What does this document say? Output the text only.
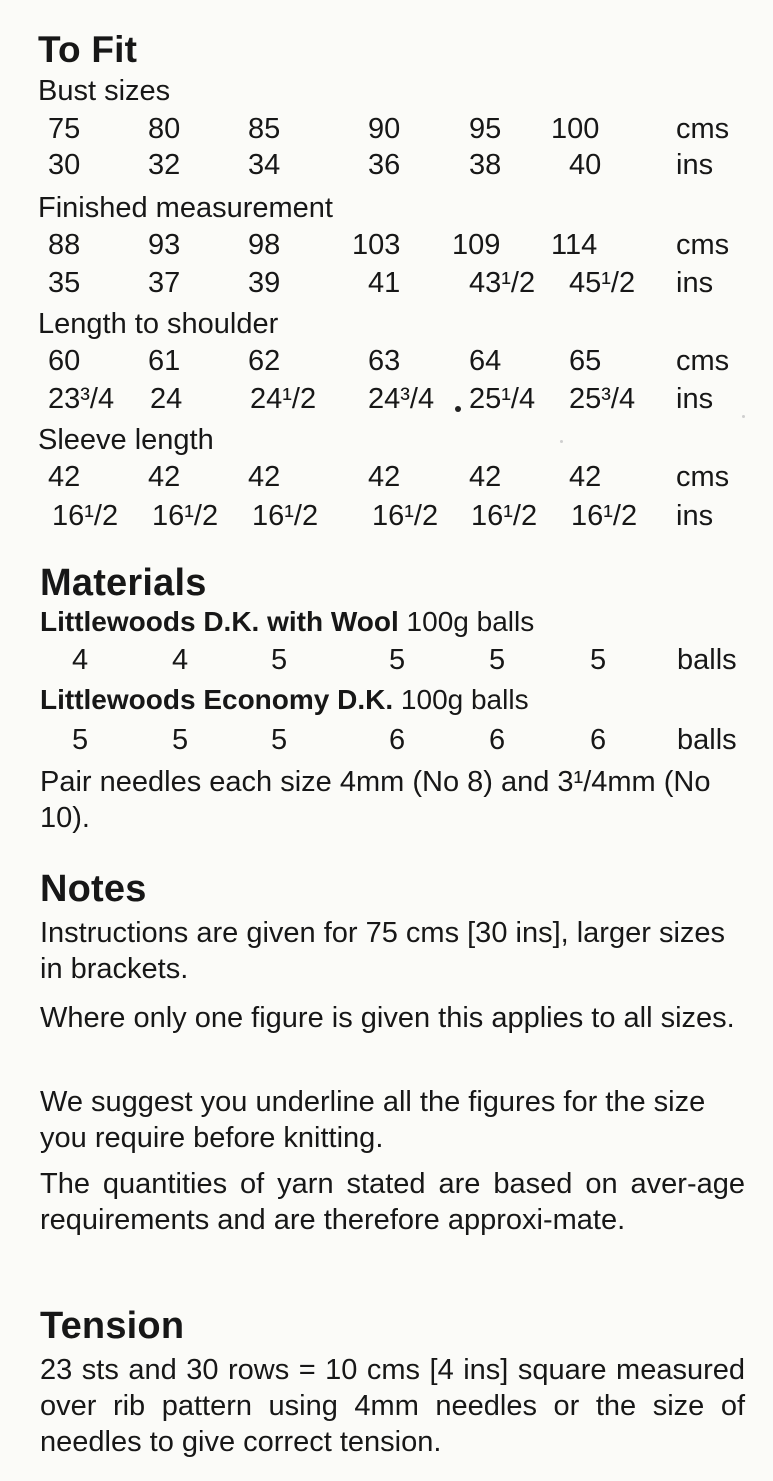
To Fit
Bust sizes
75 80 85	90 95 100	cms
30 32 34	36 38 40	ins
Finished measurement
88 93 98 103 109 114	cms
35 37 39	41 43¹/2 45¹/2 ins
Length to shoulder
60 61 62	63 64 65	cms
23³/4 24 24¹/2 24³/4 25¹/4 25³/4 ins
Sleeve length
42 42 42	42 42 42	cms
16¹/2 16¹/2 16¹/2 16¹/2 16¹/2 16¹/2 ins
Materials
Littlewoods D.K. with Wool 100g balls
4	4	5	5	5	5 balls
Littlewoods Economy D.K. 100g balls
5	5	5	6	6	6 balls

Pair needles each size 4mm (No 8) and 3¹/4mm (No 10).

Notes

Instructions are given for 75 cms [30 ins], larger sizes in brackets.

Where only one figure is given this applies to all sizes.

We suggest you underline all the figures for the size you require before knitting.

The quantities of yarn stated are based on aver-age requirements and are therefore approxi-mate.

Tension

23 sts and 30 rows = 10 cms [4 ins] square measured over rib pattern using 4mm needles or the size of needles to give correct tension.
